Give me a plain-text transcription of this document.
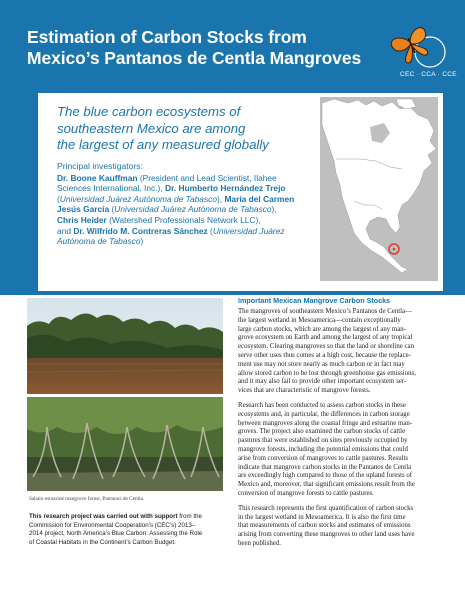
Estimation of Carbon Stocks from
Mexico’s Pantanos de Centla Mangroves
CEC · CCA · CCE
The blue carbon ecosystems of
southeastern Mexico are among
the largest of any measured globally
Principal investigators:
Dr. Boone Kauffman (President and Lead Scientist, Ilahee
Sciences International, Inc.), Dr. Humberto Hernández Trejo
(Universidad Juárez Autónoma de Tabasco), María del Carmen
Jesús García (Universidad Juárez Autónoma de Tabasco),
Chris Heider (Watershed Professionals Network LLC),
and Dr. Wilfrido M. Contreras Sánchez (Universidad Juárez
Autónoma de Tabasco)
Sabalo estuarine mangrove forest, Pantanos de Centla.
This research project was carried out with support from the
Commission for Environmental Cooperation’s (CEC’s) 2013–
2014 project, North America’s Blue Carbon: Assessing the Role
of Coastal Habitats in the Continent’s Carbon Budget.
Important Mexican Mangrove Carbon Stocks
The mangroves of southeastern Mexico’s Pantanos de Centla—
the largest wetland in Mesoamerica—contain exceptionally
large carbon stocks, which are among the largest of any man-
grove ecosystem on Earth and among the largest of any tropical
ecosystem. Clearing mangroves so that the land or shoreline can
serve other uses thus comes at a high cost, because the replace-
ment use may not store nearly as much carbon or in fact may
allow stored carbon to be lost through greenhouse gas emissions,
and it may also fail to provide other important ecosystem ser-
vices that are characteristic of mangrove forests.
Research has been conducted to assess carbon stocks in these
ecosystems and, in particular, the differences in carbon storage
between mangroves along the coastal fringe and estuarine man-
groves. The project also examined the carbon stocks of cattle
pastures that were established on sites previously occupied by
mangrove forests, including the potential emissions that could
arise from conversion of mangroves to cattle pastures. Results
indicate that mangrove carbon stocks in the Pantanos de Centla
are exceedingly high compared to those of the upland forests of
Mexico and, moreover, that significant emissions result from the
conversion of mangrove forests to cattle pastures.
This research represents the first quantification of carbon stocks
in the largest wetland in Mesoamerica. It is also the first time
that measurements of carbon stocks and estimates of emissions
arising from converting these mangroves to other land uses have
been published.
